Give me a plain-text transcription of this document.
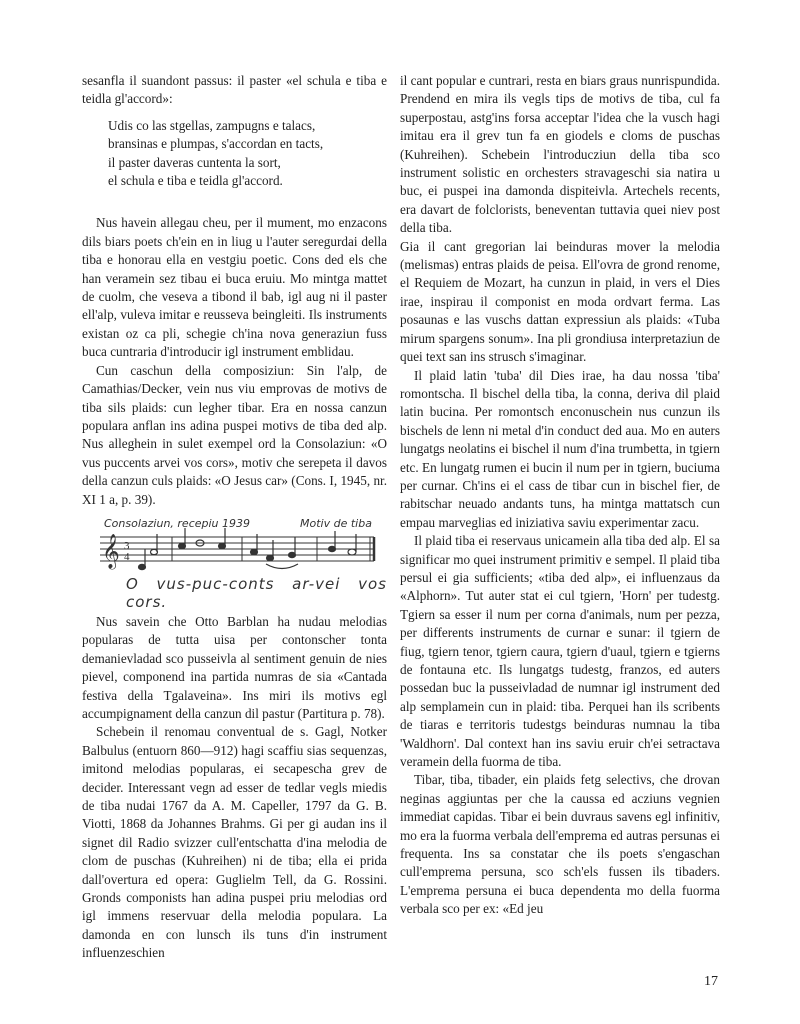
sesanfla il suandont passus: il paster «el schula e tiba e teidla gl'accord»:

Udis co las stgellas, zampugns e talacs,
bransinas e plumpas, s'accordan en tacts,
il paster daveras cuntenta la sort,
el schula e tiba e teidla gl'accord.

Nus havein allegau cheu, per il mument, mo enzacons dils biars poets ch'ein en in liug u l'auter seregurdai della tiba e honorau ella en vestgiu poetic. Cons ded els che han veramein sez tibau ei buca eruiu. Mo mintga mattet de cuolm, che veseva a tibond il bab, igl aug ni il paster ell'alp, vuleva imitar e reusseva beingleiti. Ils instruments existan oz ca pli, schegie ch'ina nova generaziun fuss buca cuntraria d'introducir igl instrument emblidau.

Cun caschun della composiziun: Sin l'alp, de Camathias/Decker, vein nus viu emprovas de motivs de tiba sils plaids: cun legher tibar. Era en nossa canzun populara anflan ins adina puspei motivs de tiba ded alp. Nus alleghein in sulet exempel ord la Consolaziun: «O vus puccents arvei vos cors», motiv che serepeta il davos della canzun culs plaids: «O Jesus car» (Cons. I, 1945, nr. XI 1 a, p. 39).

𝄞 3
4
Consolaziun, recepiu 1939	Motiv de tiba
O vus-puc-conts ar-vei vos cors.

Nus savein che Otto Barblan ha nudau melodias popularas de tutta uisa per contonscher tonta demanievladad sco pusseivla al sentiment genuin de nies pievel, componend ina partida numras de sia «Cantada festiva della Tgalaveina». Ins miri ils motivs egl accumpignament della canzun dil pastur (Partitura p. 78).

Schebein il renomau conventual de s. Gagl, Notker Balbulus (entuorn 860—912) hagi scaffiu sias sequenzas, imitond melodias popularas, ei secapescha grev de decider. Interessant vegn ad esser de tedlar vegls miedis de tiba nudai 1767 da A. M. Capeller, 1797 da G. B. Viotti, 1868 da Johannes Brahms. Gi per gi audan ins il signet dil Radio svizzer cull'entschatta d'ina melodia de clom de puschas (Kuhreihen) ni de tiba; ella ei prida dall'overtura ed opera: Guglielm Tell, da G. Rossini. Gronds componists han adina puspei priu melodias ord igl immens reservuar della melodia populara. La damonda en con lunsch ils tuns d'in instrument influenzeschien

il cant popular e cuntrari, resta en biars graus nunrispundida. Prendend en mira ils vegls tips de motivs de tiba, cul fa superpostau, astg'ins forsa acceptar l'idea che la vusch hagi imitau era il grev tun fa en giodels e cloms de puschas (Kuhreihen). Schebein l'introducziun della tiba sco instrument solistic en orchesters stravageschi sia natira u buc, ei puspei ina damonda dispiteivla. Artechels recents, era davart de folclorists, beneventan tuttavia quei niev post della tiba.

Gia il cant gregorian lai beinduras mover la melodia (melismas) entras plaids de peisa. Ell'ovra de grond renome, el Requiem de Mozart, ha cunzun in plaid, in vers el Dies irae, inspirau il componist en moda ordvart ferma. Las posaunas e las vuschs dattan expressiun als plaids: «Tuba mirum spargens sonum». Ina pli grondiusa interpretaziun de quei text san ins strusch s'imaginar.

Il plaid latin 'tuba' dil Dies irae, ha dau nossa 'tiba' romontscha. Il bischel della tiba, la conna, deriva dil plaid latin bucina. Per romontsch enconuschein nus cunzun ils bischels de lenn ni metal d'in conduct ded aua. Mo en auters lungatgs neolatins ei bischel il num d'ina trumbetta, in tgiern etc. En lungatg rumen ei bucin il num per in tgiern, buciuma per curnar. Ch'ins ei el cass de tibar cun in bischel fier, de rabitschar neuado andants tuns, ha mintga mattatsch cun empau marveglias ed iniziativa saviu experimentar zacu.

Il plaid tiba ei reservaus unicamein alla tiba ded alp. El sa significar mo quei instrument primitiv e sempel. Il plaid tiba persul ei gia sufficients; «tiba ded alp», ei influenzaus da «Alphorn». Tut auter stat ei cul tgiern, 'Horn' per tudestg. Tgiern sa esser il num per corna d'animals, num per pezza, per differents instruments de curnar e sunar: il tgiern de fiug, tgiern tenor, tgiern caura, tgiern d'uaul, tgiern e tgierns de fontauna etc. Ils lungatgs tudestg, franzos, ed auters possedan buc la pusseivladad de numnar igl instrument ded alp semplamein cun in plaid: tiba. Perquei han ils scribents de tiaras e territoris tudestgs beinduras numnau la tiba 'Waldhorn'. Dal context han ins saviu eruir ch'ei setractava veramein della fuorma de tiba.

Tibar, tiba, tibader, ein plaids fetg selectivs, che drovan neginas aggiuntas per che la caussa ed acziuns vegnien immediat capidas. Tibar ei bein duvraus savens egl infinitiv, mo era la fuorma verbala dell'emprema ed autras persunas ei frequenta. Ins sa constatar che ils poets s'engaschan cull'emprema persuna, sco sch'els fussen ils tibaders. L'emprema persuna ei buca dependenta mo della fuorma verbala sco per ex: «Ed jeu

17
